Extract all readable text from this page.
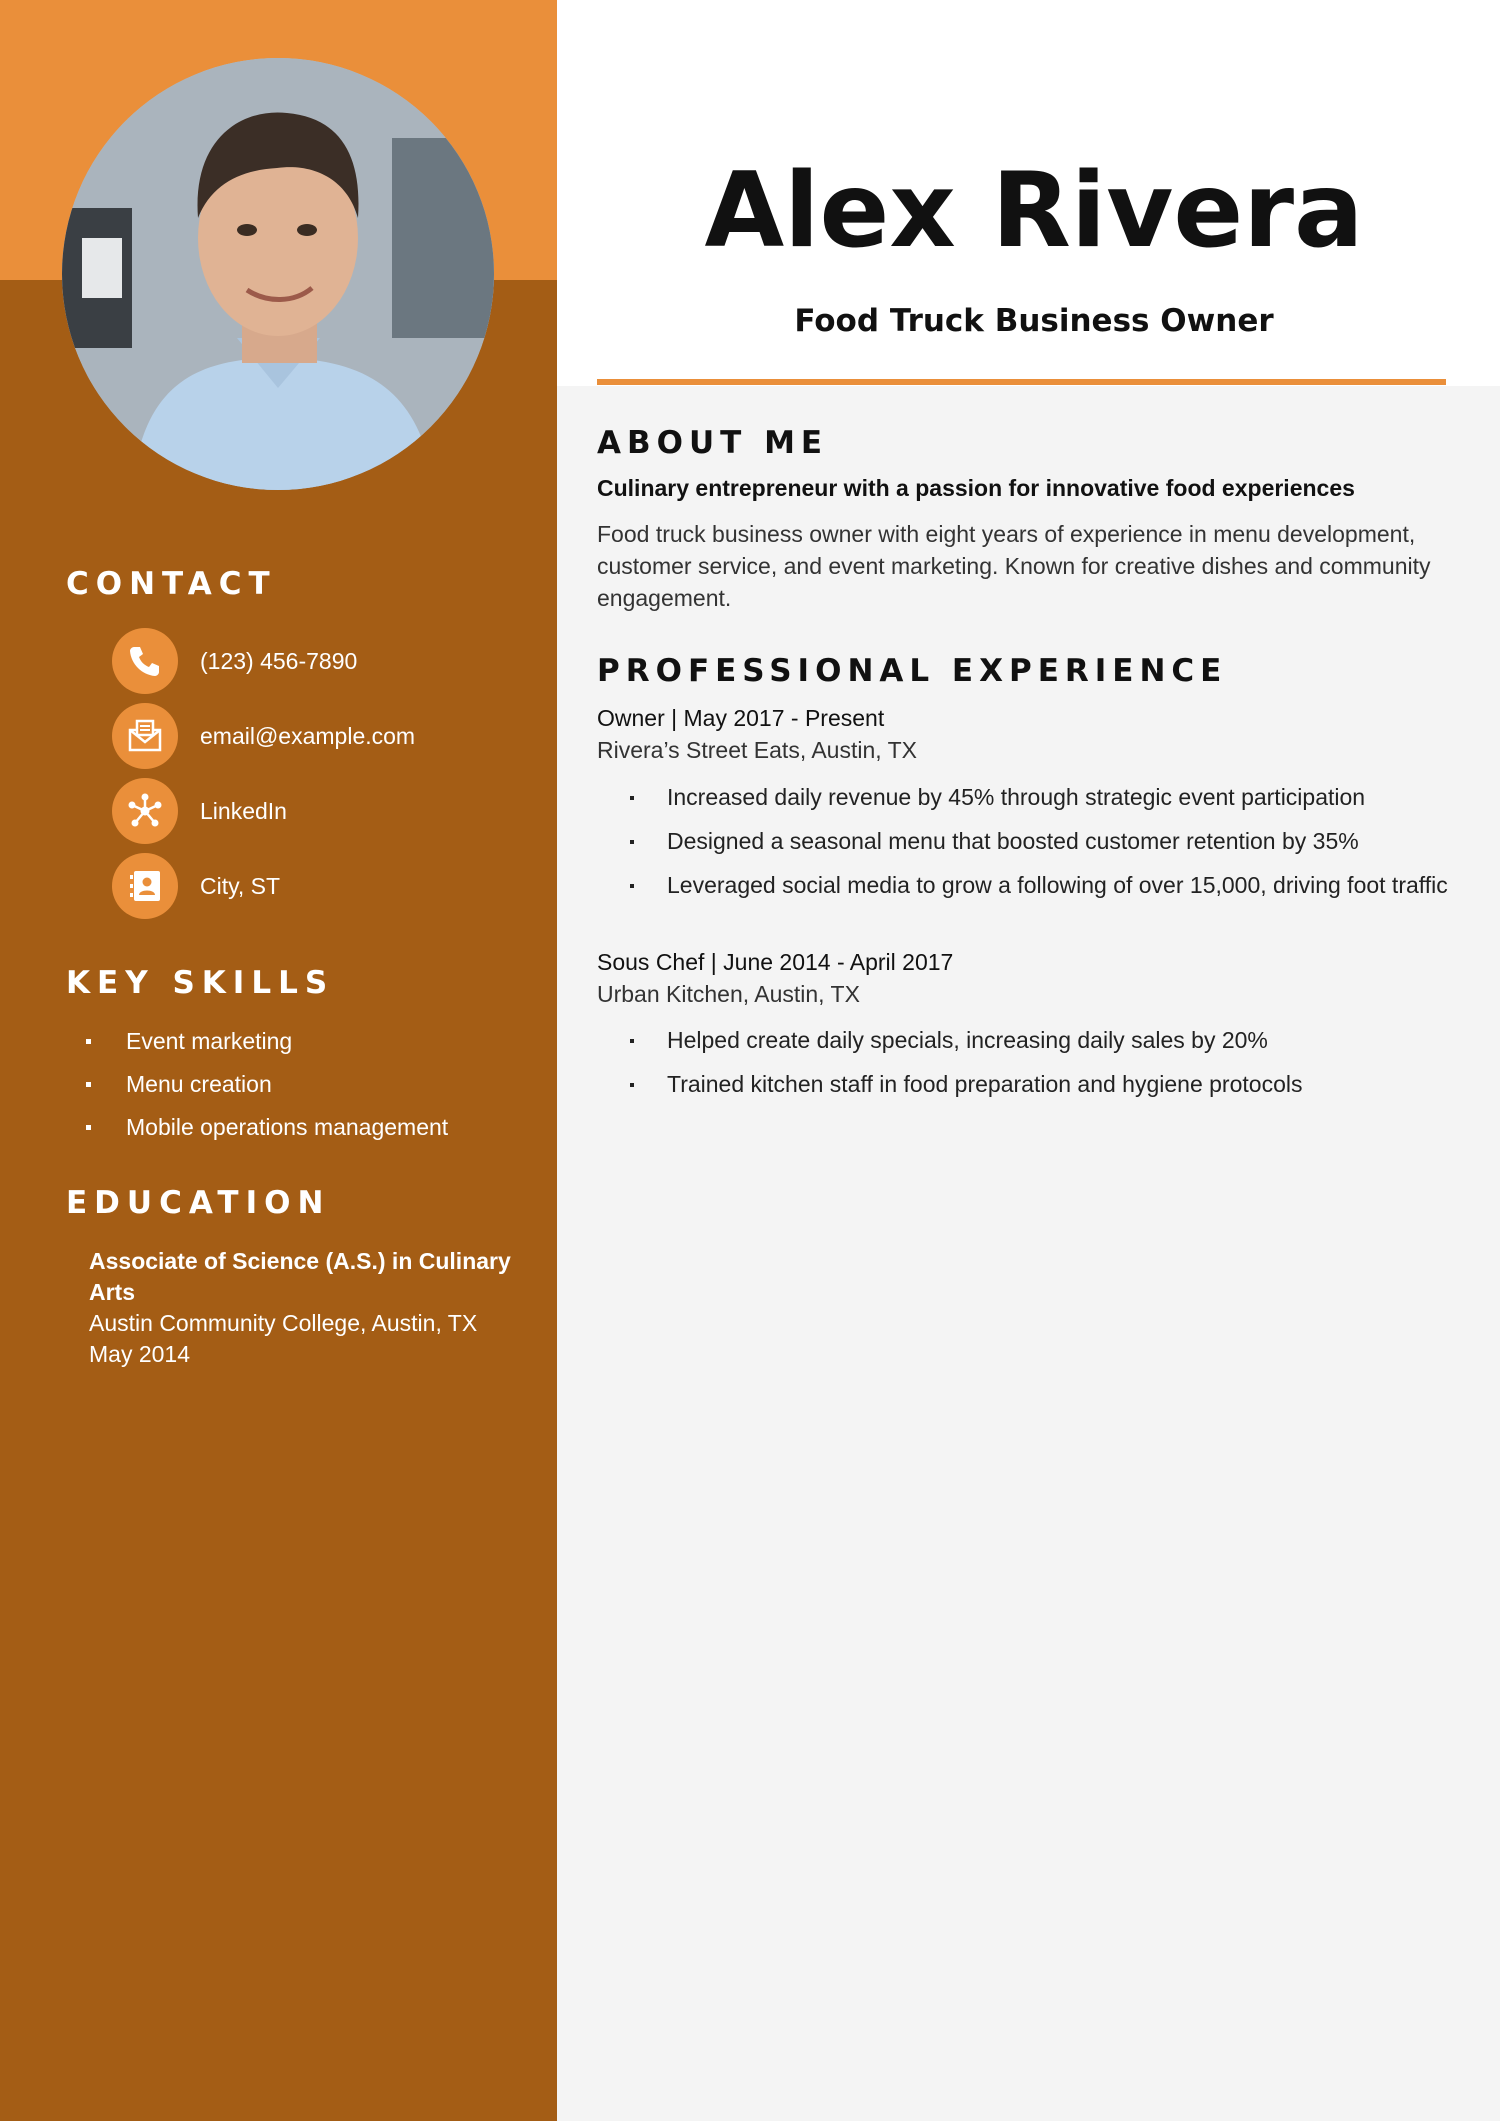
CONTACT
(123) 456-7890
email@example.com
LinkedIn
City, ST
KEY SKILLS
Event marketing
Menu creation
Mobile operations management
EDUCATION
Associate of Science (A.S.) in Culinary Arts
Austin Community College, Austin, TX
May 2014
Alex Rivera
Food Truck Business Owner
ABOUT ME
Culinary entrepreneur with a passion for innovative food experiences
Food truck business owner with eight years of experience in menu development, customer service, and event marketing. Known for creative dishes and community engagement.
PROFESSIONAL EXPERIENCE
Owner | May 2017 - Present
Rivera’s Street Eats, Austin, TX
Increased daily revenue by 45% through strategic event participation
Designed a seasonal menu that boosted customer retention by 35%
Leveraged social media to grow a following of over 15,000, driving foot traffic
Sous Chef | June 2014 - April 2017
Urban Kitchen, Austin, TX
Helped create daily specials, increasing daily sales by 20%
Trained kitchen staff in food preparation and hygiene protocols
